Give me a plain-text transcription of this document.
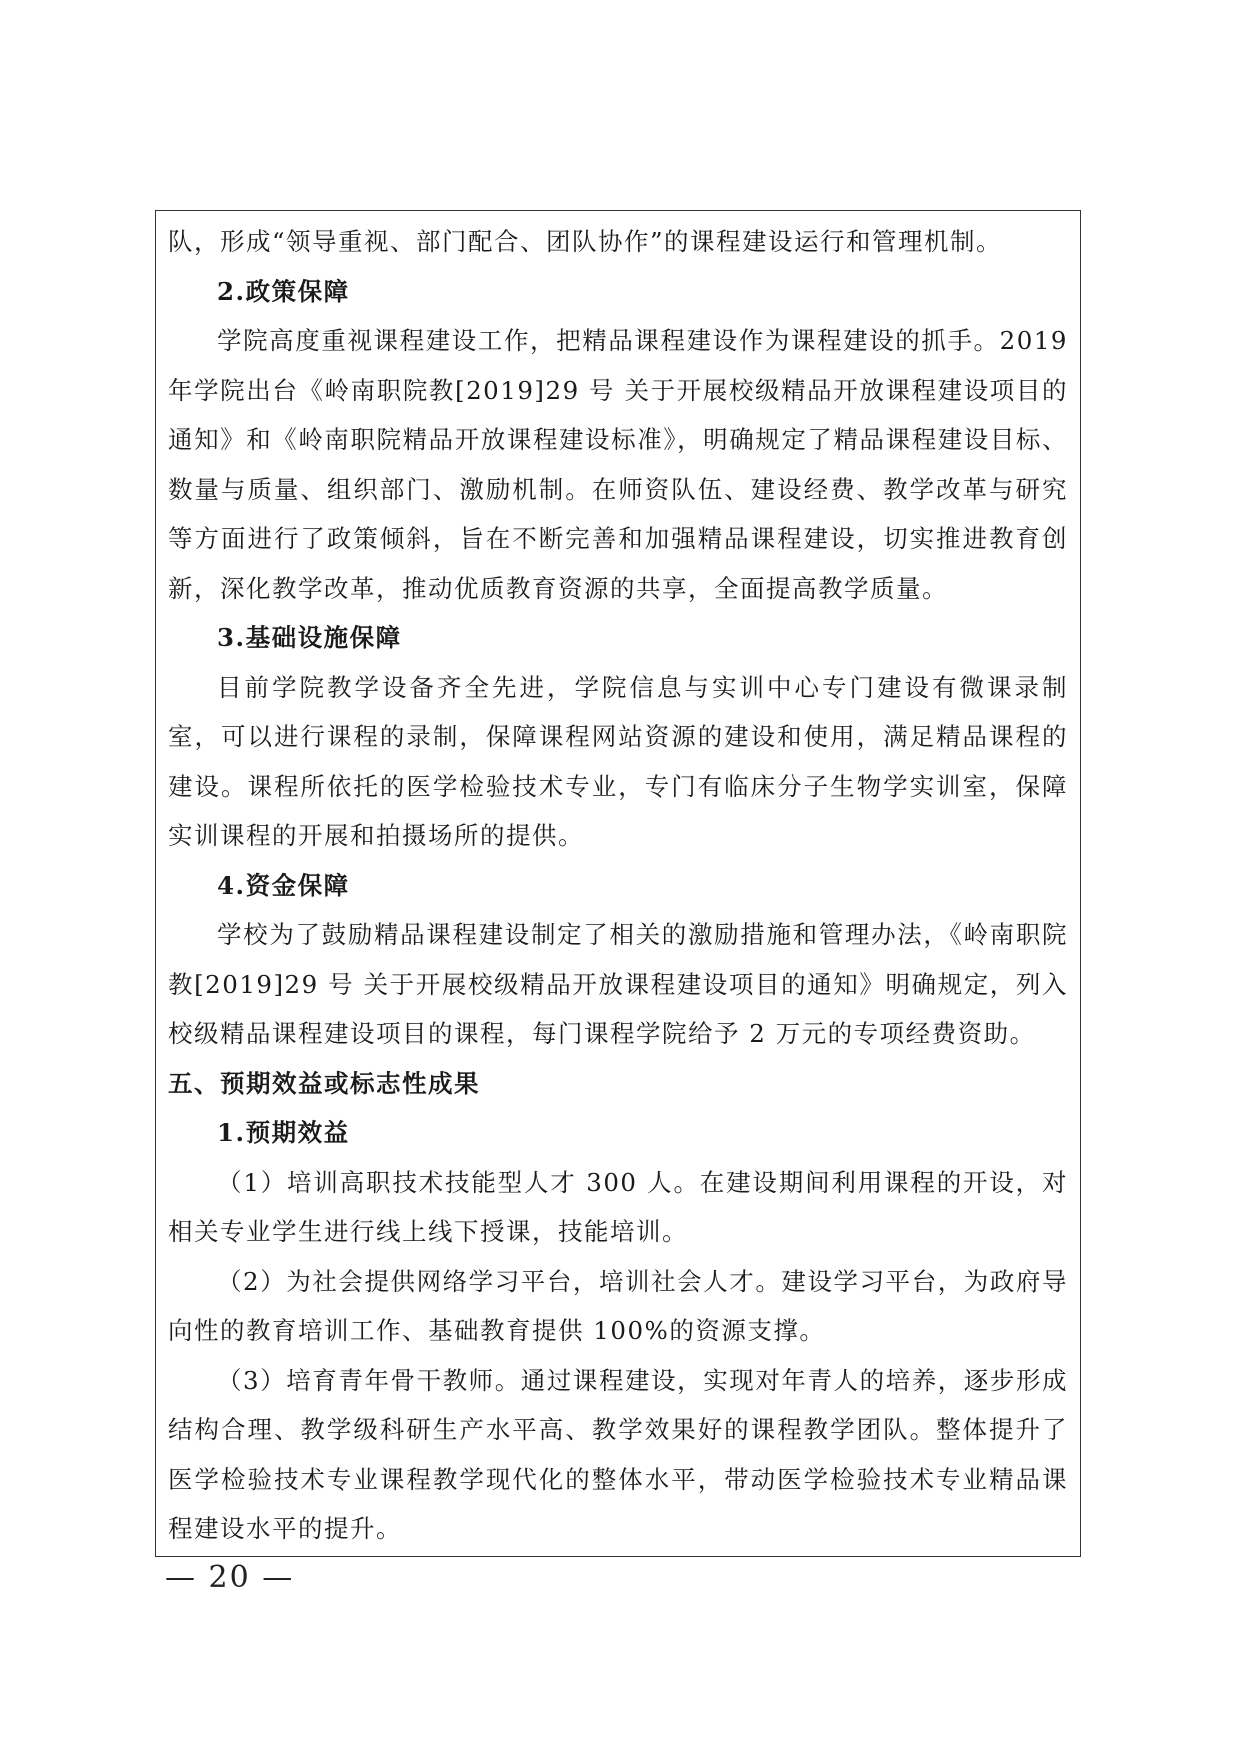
队，形成“领导重视、部门配合、团队协作”的课程建设运行和管理机制。

2.政策保障

学院高度重视课程建设工作，把精品课程建设作为课程建设的抓手。2019 年学院出台《岭南职院教[2019]29 号 关于开展校级精品开放课程建设项目的通知》和《岭南职院精品开放课程建设标准》，明确规定了精品课程建设目标、数量与质量、组织部门、激励机制。在师资队伍、建设经费、教学改革与研究等方面进行了政策倾斜，旨在不断完善和加强精品课程建设，切实推进教育创新，深化教学改革，推动优质教育资源的共享，全面提高教学质量。

3.基础设施保障

目前学院教学设备齐全先进，学院信息与实训中心专门建设有微课录制室，可以进行课程的录制，保障课程网站资源的建设和使用，满足精品课程的建设。课程所依托的医学检验技术专业，专门有临床分子生物学实训室，保障实训课程的开展和拍摄场所的提供。

4.资金保障

学校为了鼓励精品课程建设制定了相关的激励措施和管理办法，《岭南职院教[2019]29 号 关于开展校级精品开放课程建设项目的通知》明确规定，列入校级精品课程建设项目的课程，每门课程学院给予 2 万元的专项经费资助。

五、预期效益或标志性成果

1.预期效益

（1）培训高职技术技能型人才 300 人。在建设期间利用课程的开设，对相关专业学生进行线上线下授课，技能培训。

（2）为社会提供网络学习平台，培训社会人才。建设学习平台，为政府导向性的教育培训工作、基础教育提供 100%的资源支撑。

（3）培育青年骨干教师。通过课程建设，实现对年青人的培养，逐步形成结构合理、教学级科研生产水平高、教学效果好的课程教学团队。整体提升了医学检验技术专业课程教学现代化的整体水平，带动医学检验技术专业精品课程建设水平的提升。

— 20 —
